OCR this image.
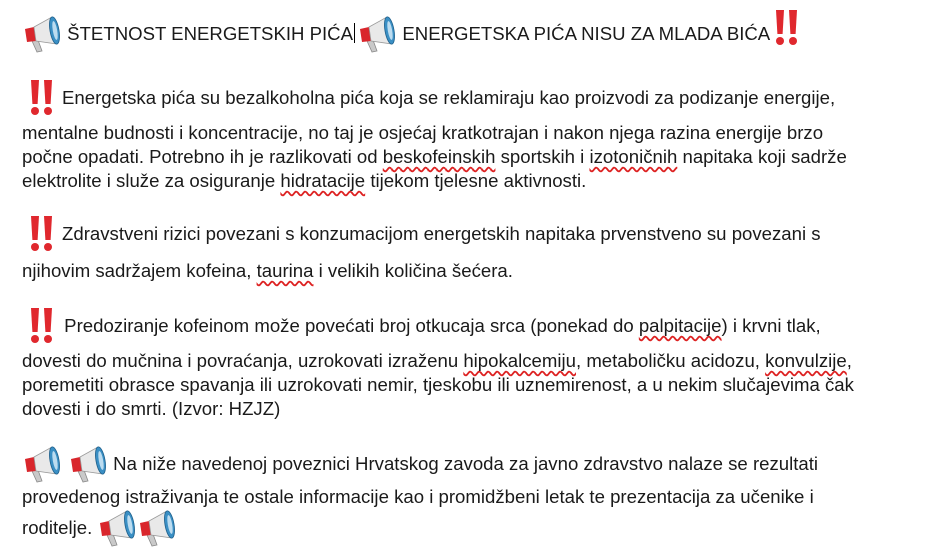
ŠTETNOST ENERGETSKIH PIĆA	ENERGETSKA PIĆA NISU ZA MLADA BIĆA
Energetska pića su bezalkoholna pića koja se reklamiraju kao proizvodi za podizanje energije,
mentalne budnosti i koncentracije, no taj je osjećaj kratkotrajan i nakon njega razina energije brzo
počne opadati. Potrebno ih je razlikovati od beskofeinskih sportskih i izotoničnih napitaka koji sadrže
elektrolite i služe za osiguranje hidratacije tijekom tjelesne aktivnosti.
Zdravstveni rizici povezani s konzumacijom energetskih napitaka prvenstveno su povezani s
njihovim sadržajem kofeina, taurina i velikih količina šećera.
Predoziranje kofeinom može povećati broj otkucaja srca (ponekad do palpitacije) i krvni tlak,
dovesti do mučnina i povraćanja, uzrokovati izraženu hipokalcemiju, metaboličku acidozu, konvulzije,
poremetiti obrasce spavanja ili uzrokovati nemir, tjeskobu ili uznemirenost, a u nekim slučajevima čak
dovesti i do smrti. (Izvor: HZJZ)
Na niže navedenoj poveznici Hrvatskog zavoda za javno zdravstvo nalaze se rezultati
provedenog istraživanja te ostale informacije kao i promidžbeni letak te prezentacija za učenike i
roditelje.
